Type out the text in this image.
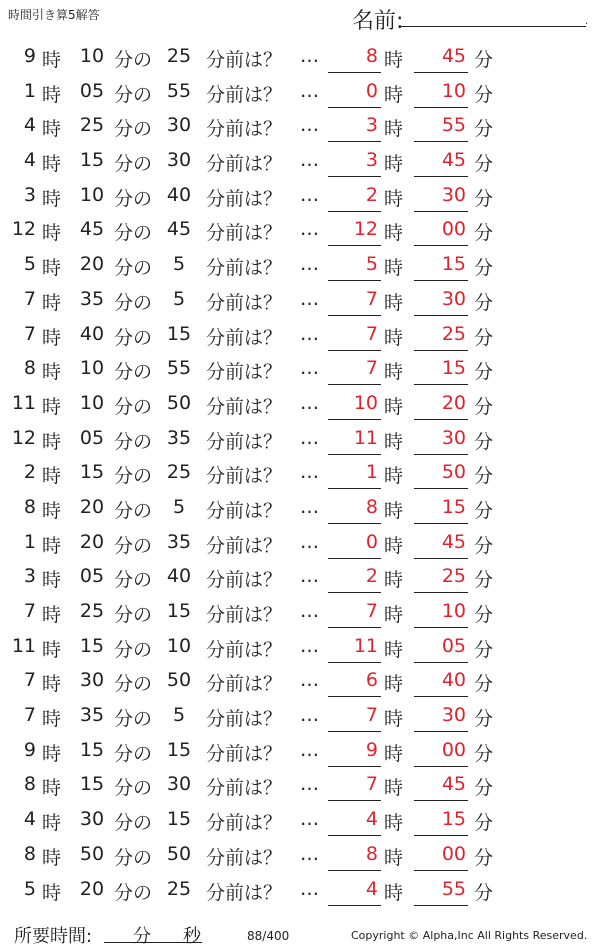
時間引き算5解答	名前:	.
9 時 10 分の 25 分前は？ …	8 時	45 分
1 時 05 分の 55 分前は？ …	0 時	10 分
4 時 25 分の 30 分前は？ …	3 時	55 分
4 時 15 分の 30 分前は？ …	3 時	45 分
3 時 10 分の 40 分前は？ …	2 時	30 分
12 時 45 分の 45 分前は？ …	12 時	00 分
5 時 20 分の	5	分前は？ …	5 時	15 分
7 時 35 分の	5	分前は？ …	7 時	30 分
7 時 40 分の 15 分前は？ …	7 時	25 分
8 時 10 分の 55 分前は？ …	7 時	15 分
11 時 10 分の 50 分前は？ …	10 時	20 分
12 時 05 分の 35 分前は？ …	11 時	30 分
2 時 15 分の 25 分前は？ …	1 時	50 分
8 時 20 分の	5	分前は？ …	8 時	15 分
1 時 20 分の 35 分前は？ …	0 時	45 分
3 時 05 分の 40 分前は？ …	2 時	25 分
7 時 25 分の 15 分前は？ …	7 時	10 分
11 時 15 分の 10 分前は？ …	11 時	05 分
7 時 30 分の 50 分前は？ …	6 時	40 分
7 時 35 分の	5	分前は？ …	7 時	30 分
9 時 15 分の 15 分前は？ …	9 時	00 分
8 時 15 分の 30 分前は？ …	7 時	45 分
4 時 30 分の 15 分前は？ …	4 時	15 分
8 時 50 分の 50 分前は？ …	8 時	00 分
5 時 20 分の 25 分前は？ …	4 時	55 分
所要時間: 分 秒	88/400	Copyright © Alpha,Inc All Rights Reserved.
